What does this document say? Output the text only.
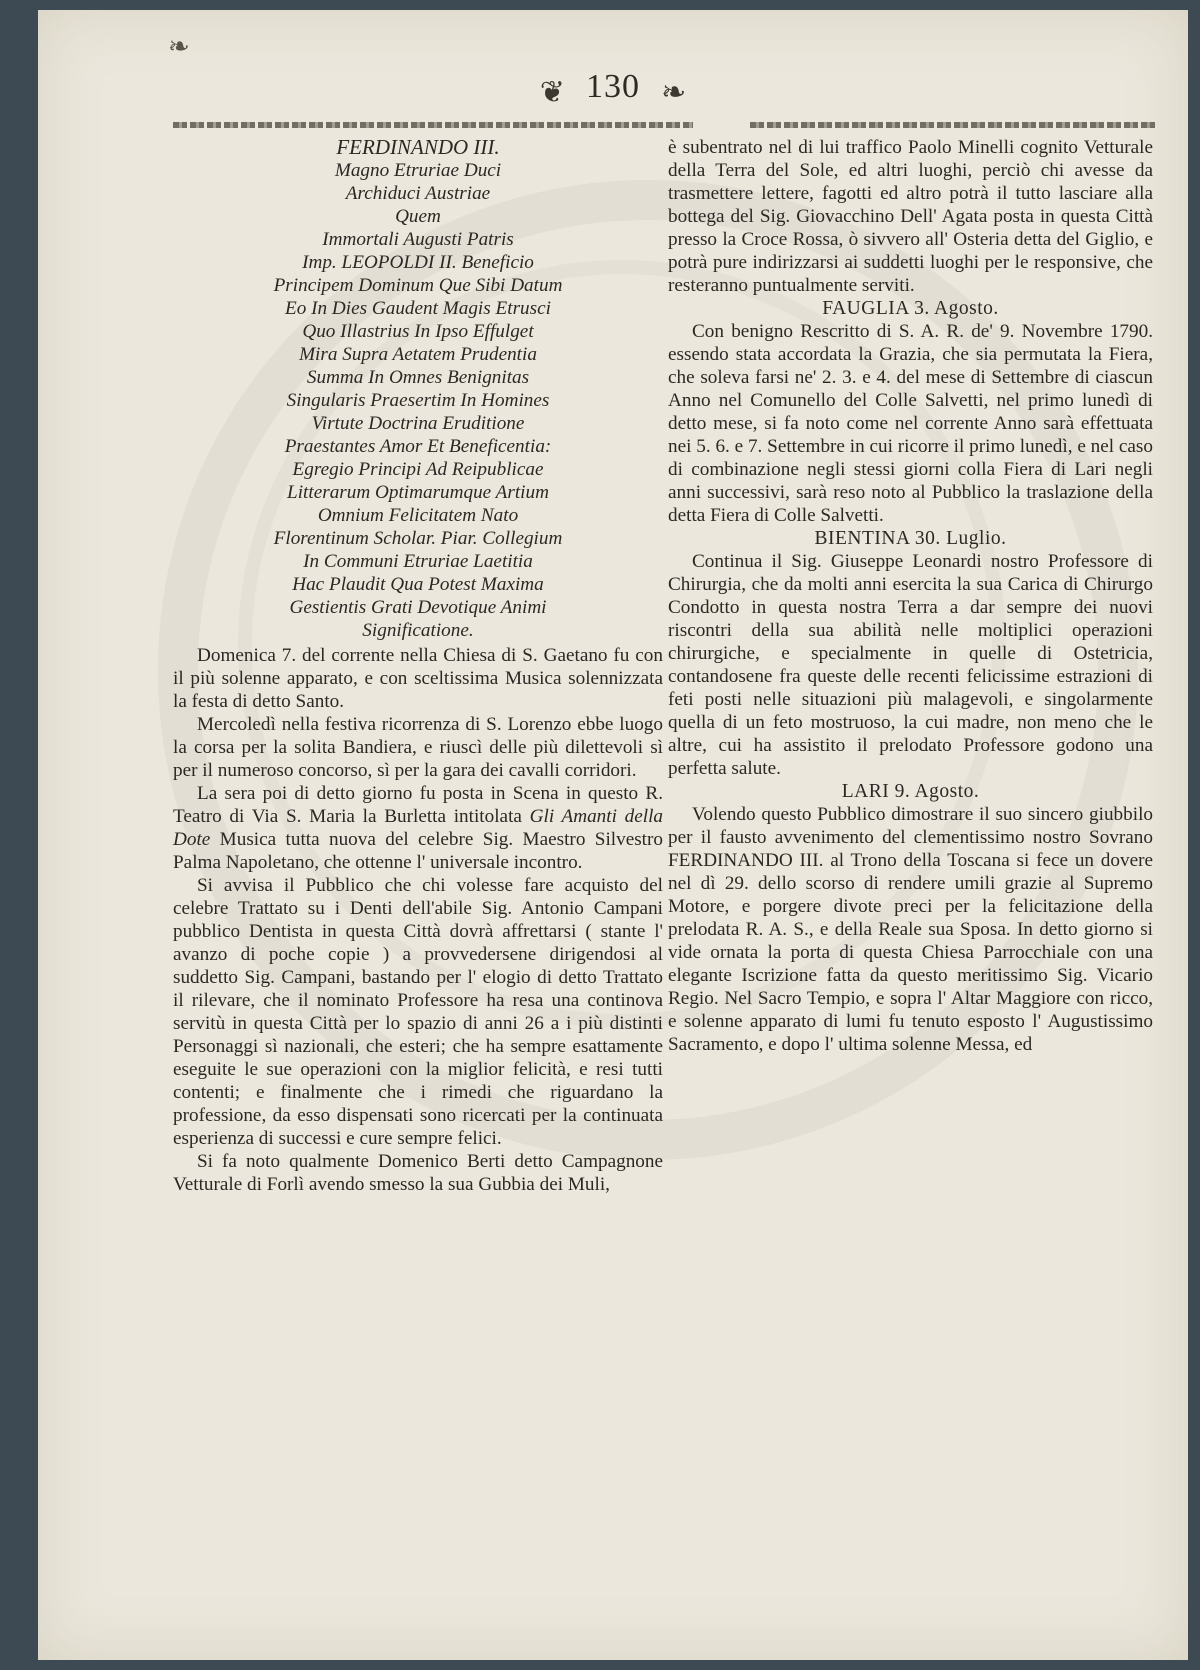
❧
❦ 130 ❧
FERDINANDO III.
Magno Etruriae Duci
Archiduci Austriae
Quem
Immortali Augusti Patris
Imp. LEOPOLDI II. Beneficio
Principem Dominum Que Sibi Datum
Eo In Dies Gaudent Magis Etrusci
Quo Illastrius In Ipso Effulget
Mira Supra Aetatem Prudentia
Summa In Omnes Benignitas
Singularis Praesertim In Homines
Virtute Doctrina Eruditione
Praestantes Amor Et Beneficentia:
Egregio Principi Ad Reipublicae
Litterarum Optimarumque Artium
Omnium Felicitatem Nato
Florentinum Scholar. Piar. Collegium
In Communi Etruriae Laetitia
Hac Plaudit Qua Potest Maxima
Gestientis Grati Devotique Animi
Significatione.

Domenica 7. del corrente nella Chiesa di S. Gaetano fu con il più solenne apparato, e con sceltissima Musica solennizzata la festa di detto Santo.

Mercoledì nella festiva ricorrenza di S. Lorenzo ebbe luogo la corsa per la solita Bandiera, e riuscì delle più dilettevoli sì per il numeroso concorso, sì per la gara dei cavalli corridori.

La sera poi di detto giorno fu posta in Scena in questo R. Teatro di Via S. Maria la Burletta intitolata Gli Amanti della Dote Musica tutta nuova del celebre Sig. Maestro Silvestro Palma Napoletano, che ottenne l' universale incontro.

Si avvisa il Pubblico che chi volesse fare acquisto del celebre Trattato su i Denti dell'abile Sig. Antonio Campani pubblico Dentista in questa Città dovrà affrettarsi ( stante l' avanzo di poche copie ) a provvedersene dirigendosi al suddetto Sig. Campani, bastando per l' elogio di detto Trattato il rilevare, che il nominato Professore ha resa una continova servitù in questa Città per lo spazio di anni 26 a i più distinti Personaggi sì nazionali, che esteri; che ha sempre esattamente eseguite le sue operazioni con la miglior felicità, e resi tutti contenti; e finalmente che i rimedi che riguardano la professione, da esso dispensati sono ricercati per la continuata esperienza di successi e cure sempre felici.

Si fa noto qualmente Domenico Berti detto Campagnone Vetturale di Forlì avendo smesso la sua Gubbia dei Muli,

è subentrato nel di lui traffico Paolo Minelli cognito Vetturale della Terra del Sole, ed altri luoghi, perciò chi avesse da trasmettere lettere, fagotti ed altro potrà il tutto lasciare alla bottega del Sig. Giovacchino Dell' Agata posta in questa Città presso la Croce Rossa, ò sivvero all' Osteria detta del Giglio, e potrà pure indirizzarsi ai suddetti luoghi per le responsive, che resteranno puntualmente serviti.

FAUGLIA 3. Agosto.

Con benigno Rescritto di S. A. R. de' 9. Novembre 1790. essendo stata accordata la Grazia, che sia permutata la Fiera, che soleva farsi ne' 2. 3. e 4. del mese di Settembre di ciascun Anno nel Comunello del Colle Salvetti, nel primo lunedì di detto mese, si fa noto come nel corrente Anno sarà effettuata nei 5. 6. e 7. Settembre in cui ricorre il primo lunedì, e nel caso di combinazione negli stessi giorni colla Fiera di Lari negli anni successivi, sarà reso noto al Pubblico la traslazione della detta Fiera di Colle Salvetti.

BIENTINA 30. Luglio.

Continua il Sig. Giuseppe Leonardi nostro Professore di Chirurgia, che da molti anni esercita la sua Carica di Chirurgo Condotto in questa nostra Terra a dar sempre dei nuovi riscontri della sua abilità nelle moltiplici operazioni chirurgiche, e specialmente in quelle di Ostetricia, contandosene fra queste delle recenti felicissime estrazioni di feti posti nelle situazioni più malagevoli, e singolarmente quella di un feto mostruoso, la cui madre, non meno che le altre, cui ha assistito il prelodato Professore godono una perfetta salute.

LARI 9. Agosto.

Volendo questo Pubblico dimostrare il suo sincero giubbilo per il fausto avvenimento del clementissimo nostro Sovrano FERDINANDO III. al Trono della Toscana si fece un dovere nel dì 29. dello scorso di rendere umili grazie al Supremo Motore, e porgere divote preci per la felicitazione della prelodata R. A. S., e della Reale sua Sposa. In detto giorno si vide ornata la porta di questa Chiesa Parrocchiale con una elegante Iscrizione fatta da questo meritissimo Sig. Vicario Regio. Nel Sacro Tempio, e sopra l' Altar Maggiore con ricco, e solenne apparato di lumi fu tenuto esposto l' Augustissimo Sacramento, e dopo l' ultima solenne Messa, ed
